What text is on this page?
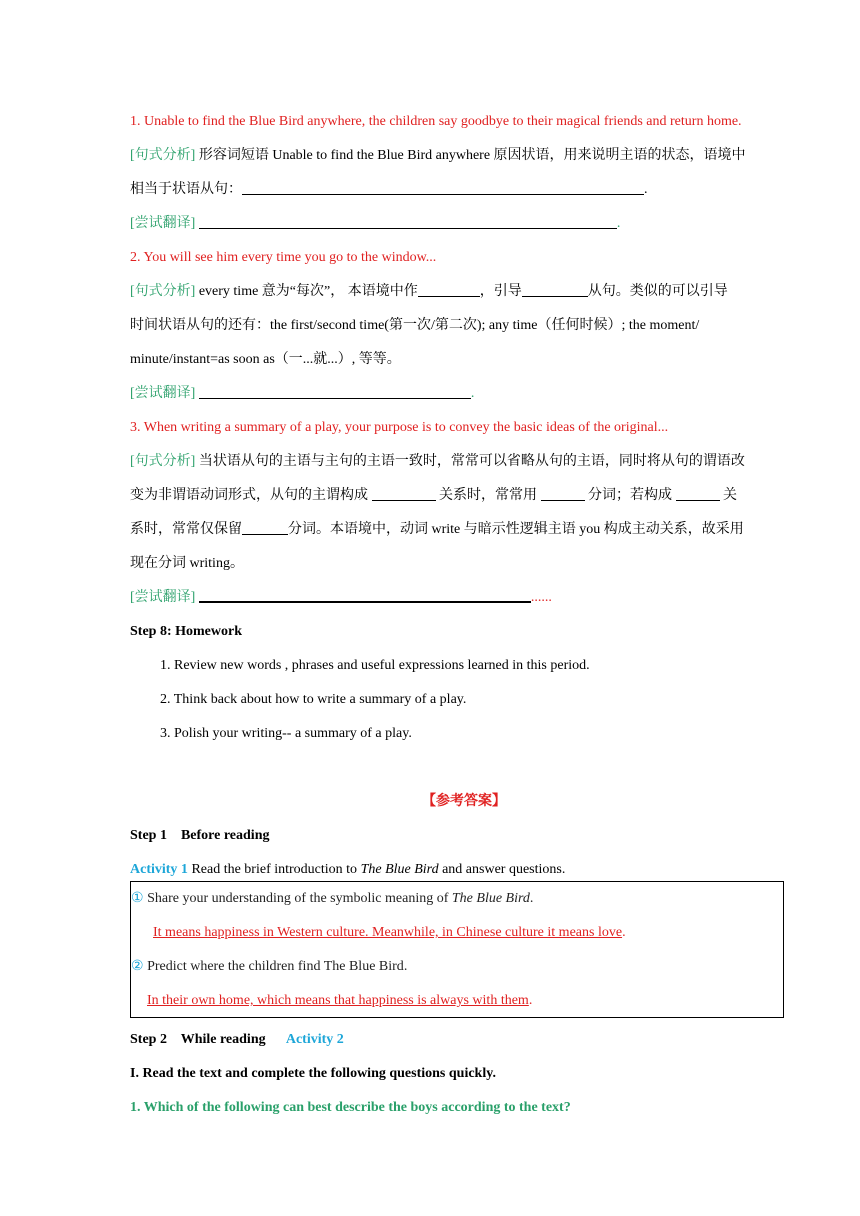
1. Unable to find the Blue Bird anywhere, the children say goodbye to their magical friends and return home.
[句式分析] 形容词短语 Unable to find the Blue Bird anywhere 原因状语，用来说明主语的状态，语境中
相当于状语从句：	.
[尝试翻译]	.
2. You will see him every time you go to the window...
[句式分析] every time 意为“每次”， 本语境中作	，引导	从句。类似的可以引导
时间状语从句的还有：the first/second time(第一次/第二次); any time（任何时候）; the moment/
minute/instant=as soon as（一...就...）, 等等。
[尝试翻译]	.
3. When writing a summary of a play, your purpose is to convey the basic ideas of the original...
[句式分析] 当状语从句的主语与主句的主语一致时，常常可以省略从句的主语，同时将从句的谓语改
变为非谓语动词形式，从句的主谓构成	关系时，常常用	分词；若构成	关
系时，常常仅保留	分词。本语境中，动词 write 与暗示性逻辑主语 you 构成主动关系，故采用
现在分词 writing。
[尝试翻译]	......
Step 8: Homework
1. Review new words , phrases and useful expressions learned in this period.
2. Think back about how to write a summary of a play.
3. Polish your writing-- a summary of a play.
【参考答案】
Step 1    Before reading
Activity 1 Read the brief introduction to The Blue Bird and answer questions.
Step 2    While reading Activity 2
I. Read the text and complete the following questions quickly.
1. Which of the following can best describe the boys according to the text?
① Share your understanding of the symbolic meaning of The Blue Bird.
It means happiness in Western culture. Meanwhile, in Chinese culture it means love.
② Predict where the children find The Blue Bird.
In their own home, which means that happiness is always with them.
